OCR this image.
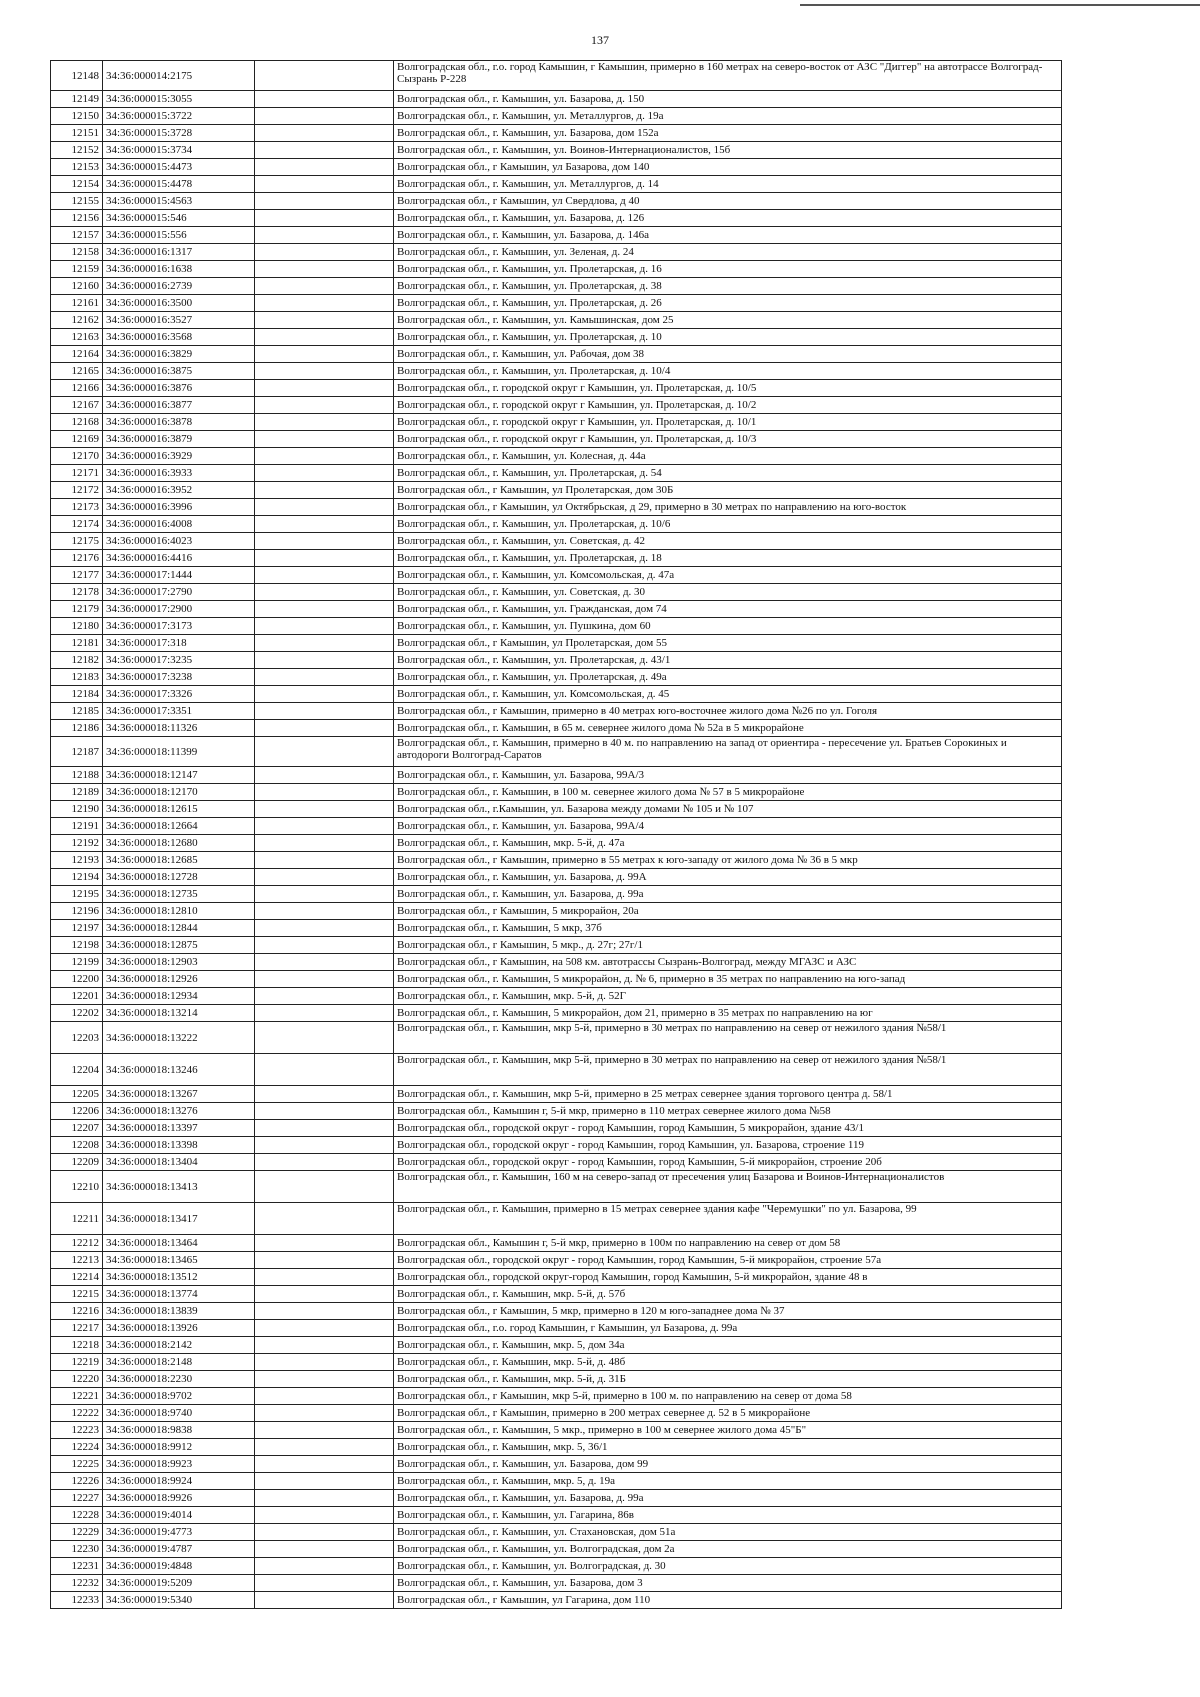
137
12148	34:36:000014:2175		Волгоградская обл., г.о. город Камышин, г Камышин, примерно в 160 метрах на северо-восток от АЗС "Диггер" на автотрассе Волгоград-Сызрань Р-228
12149	34:36:000015:3055		Волгоградская обл., г. Камышин, ул. Базарова, д. 150
12150	34:36:000015:3722		Волгоградская обл., г. Камышин, ул. Металлургов, д. 19а
12151	34:36:000015:3728		Волгоградская обл., г. Камышин, ул. Базарова, дом 152а
12152	34:36:000015:3734		Волгоградская обл., г. Камышин, ул. Воинов-Интернационалистов, 15б
12153	34:36:000015:4473		Волгоградская обл., г Камышин, ул Базарова, дом 140
12154	34:36:000015:4478		Волгоградская обл., г. Камышин, ул. Металлургов, д. 14
12155	34:36:000015:4563		Волгоградская обл., г Камышин, ул Свердлова, д 40
12156	34:36:000015:546		Волгоградская обл., г. Камышин, ул. Базарова, д. 126
12157	34:36:000015:556		Волгоградская обл., г. Камышин, ул. Базарова, д. 146а
12158	34:36:000016:1317		Волгоградская обл., г. Камышин, ул. Зеленая, д. 24
12159	34:36:000016:1638		Волгоградская обл., г. Камышин, ул. Пролетарская, д. 16
12160	34:36:000016:2739		Волгоградская обл., г. Камышин, ул. Пролетарская, д. 38
12161	34:36:000016:3500		Волгоградская обл., г. Камышин, ул. Пролетарская, д. 26
12162	34:36:000016:3527		Волгоградская обл., г. Камышин, ул. Камышинская, дом 25
12163	34:36:000016:3568		Волгоградская обл., г. Камышин, ул. Пролетарская, д. 10
12164	34:36:000016:3829		Волгоградская обл., г. Камышин, ул. Рабочая, дом 38
12165	34:36:000016:3875		Волгоградская обл., г. Камышин, ул. Пролетарская, д. 10/4
12166	34:36:000016:3876		Волгоградская обл., г. городской округ г Камышин, ул. Пролетарская, д. 10/5
12167	34:36:000016:3877		Волгоградская обл., г. городской округ г Камышин, ул. Пролетарская, д. 10/2
12168	34:36:000016:3878		Волгоградская обл., г. городской округ г Камышин, ул. Пролетарская, д. 10/1
12169	34:36:000016:3879		Волгоградская обл., г. городской округ г Камышин, ул. Пролетарская, д. 10/3
12170	34:36:000016:3929		Волгоградская обл., г. Камышин, ул. Колесная, д. 44а
12171	34:36:000016:3933		Волгоградская обл., г. Камышин, ул. Пролетарская, д. 54
12172	34:36:000016:3952		Волгоградская обл., г Камышин, ул Пролетарская, дом 30Б
12173	34:36:000016:3996		Волгоградская обл., г Камышин, ул Октябрьская, д 29, примерно в 30 метрах по направлению на юго-восток
12174	34:36:000016:4008		Волгоградская обл., г. Камышин, ул. Пролетарская, д. 10/6
12175	34:36:000016:4023		Волгоградская обл., г. Камышин, ул. Советская, д. 42
12176	34:36:000016:4416		Волгоградская обл., г. Камышин, ул. Пролетарская, д. 18
12177	34:36:000017:1444		Волгоградская обл., г. Камышин, ул. Комсомольская, д. 47а
12178	34:36:000017:2790		Волгоградская обл., г. Камышин, ул. Советская, д. 30
12179	34:36:000017:2900		Волгоградская обл., г. Камышин, ул. Гражданская, дом 74
12180	34:36:000017:3173		Волгоградская обл., г. Камышин, ул. Пушкина, дом 60
12181	34:36:000017:318		Волгоградская обл., г Камышин, ул Пролетарская, дом 55
12182	34:36:000017:3235		Волгоградская обл., г. Камышин, ул. Пролетарская, д. 43/1
12183	34:36:000017:3238		Волгоградская обл., г. Камышин, ул. Пролетарская, д. 49а
12184	34:36:000017:3326		Волгоградская обл., г. Камышин, ул. Комсомольская, д. 45
12185	34:36:000017:3351		Волгоградская обл., г Камышин, примерно в 40 метрах юго-восточнее жилого дома №26 по ул. Гоголя
12186	34:36:000018:11326		Волгоградская обл., г. Камышин, в 65 м. севернее жилого дома № 52а в 5 микрорайоне
12187	34:36:000018:11399		Волгоградская обл., г. Камышин, примерно в 40 м. по направлению на запад от ориентира - пересечение ул. Братьев Сорокиных и автодороги Волгоград-Саратов
12188	34:36:000018:12147		Волгоградская обл., г. Камышин, ул. Базарова, 99А/3
12189	34:36:000018:12170		Волгоградская обл., г. Камышин, в 100 м. севернее жилого дома № 57 в 5 микрорайоне
12190	34:36:000018:12615		Волгоградская обл., г.Камышин, ул. Базарова между домами № 105 и № 107
12191	34:36:000018:12664		Волгоградская обл., г. Камышин, ул. Базарова, 99А/4
12192	34:36:000018:12680		Волгоградская обл., г. Камышин, мкр. 5-й, д. 47а
12193	34:36:000018:12685		Волгоградская обл., г Камышин, примерно в 55 метрах к юго-западу от жилого дома № 36 в 5 мкр
12194	34:36:000018:12728		Волгоградская обл., г. Камышин, ул. Базарова, д. 99А
12195	34:36:000018:12735		Волгоградская обл., г. Камышин, ул. Базарова, д. 99а
12196	34:36:000018:12810		Волгоградская обл., г Камышин, 5 микрорайон, 20а
12197	34:36:000018:12844		Волгоградская обл., г. Камышин, 5 мкр, 37б
12198	34:36:000018:12875		Волгоградская обл., г Камышин, 5 мкр., д. 27г; 27г/1
12199	34:36:000018:12903		Волгоградская обл., г Камышин, на 508 км. автотрассы Сызрань-Волгоград, между МГАЗС и АЗС
12200	34:36:000018:12926		Волгоградская обл., г. Камышин, 5 микрорайон, д. № 6, примерно в 35 метрах по направлению на юго-запад
12201	34:36:000018:12934		Волгоградская обл., г. Камышин, мкр. 5-й, д. 52Г
12202	34:36:000018:13214		Волгоградская обл., г. Камышин, 5 микрорайон, дом 21, примерно в 35 метрах по направлению на юг
12203	34:36:000018:13222		Волгоградская обл., г. Камышин, мкр 5-й, примерно в 30 метрах по направлению на север от нежилого здания №58/1
12204	34:36:000018:13246		Волгоградская обл., г. Камышин, мкр 5-й, примерно в 30 метрах по направлению на север от нежилого здания №58/1
12205	34:36:000018:13267		Волгоградская обл., г. Камышин, мкр 5-й, примерно в 25 метрах севернее здания торгового центра д. 58/1
12206	34:36:000018:13276		Волгоградская обл., Камышин г, 5-й мкр, примерно в 110 метрах севернее жилого дома №58
12207	34:36:000018:13397		Волгоградская обл., городской округ - город Камышин, город Камышин, 5 микрорайон, здание 43/1
12208	34:36:000018:13398		Волгоградская обл., городской округ - город Камышин, город Камышин, ул. Базарова, строение 119
12209	34:36:000018:13404		Волгоградская обл., городской округ - город Камышин, город Камышин, 5-й микрорайон, строение 20б
12210	34:36:000018:13413		Волгоградская обл., г. Камышин, 160 м на северо-запад от пресечения улиц Базарова и Воинов-Интернационалистов
12211	34:36:000018:13417		Волгоградская обл., г. Камышин, примерно в 15 метрах севернее здания кафе "Черемушки" по ул. Базарова, 99
12212	34:36:000018:13464		Волгоградская обл., Камышин г, 5-й мкр, примерно в 100м по направлению на север от дом 58
12213	34:36:000018:13465		Волгоградская обл., городской округ - город Камышин, город Камышин, 5-й микрорайон, строение 57а
12214	34:36:000018:13512		Волгоградская обл., городской округ-город Камышин, город Камышин, 5-й микрорайон, здание 48 в
12215	34:36:000018:13774		Волгоградская обл., г. Камышин, мкр. 5-й, д. 57б
12216	34:36:000018:13839		Волгоградская обл., г Камышин, 5 мкр, примерно в 120 м юго-западнее дома № 37
12217	34:36:000018:13926		Волгоградская обл., г.о. город Камышин, г Камышин, ул Базарова, д. 99а
12218	34:36:000018:2142		Волгоградская обл., г. Камышин, мкр. 5, дом 34а
12219	34:36:000018:2148		Волгоградская обл., г. Камышин, мкр. 5-й, д. 48б
12220	34:36:000018:2230		Волгоградская обл., г. Камышин, мкр. 5-й, д. 31Б
12221	34:36:000018:9702		Волгоградская обл., г Камышин, мкр 5-й, примерно в 100 м. по направлению на север от дома 58
12222	34:36:000018:9740		Волгоградская обл., г Камышин, примерно в 200 метрах севернее д. 52 в 5 микрорайоне
12223	34:36:000018:9838		Волгоградская обл., г. Камышин, 5 мкр., примерно в 100 м севернее жилого дома 45"Б"
12224	34:36:000018:9912		Волгоградская обл., г. Камышин, мкр. 5, 36/1
12225	34:36:000018:9923		Волгоградская обл., г. Камышин, ул. Базарова, дом 99
12226	34:36:000018:9924		Волгоградская обл., г. Камышин, мкр. 5, д. 19а
12227	34:36:000018:9926		Волгоградская обл., г. Камышин, ул. Базарова, д. 99а
12228	34:36:000019:4014		Волгоградская обл., г. Камышин, ул. Гагарина, 86в
12229	34:36:000019:4773		Волгоградская обл., г. Камышин, ул. Стахановская, дом 51а
12230	34:36:000019:4787		Волгоградская обл., г. Камышин, ул. Волгоградская, дом 2а
12231	34:36:000019:4848		Волгоградская обл., г. Камышин, ул. Волгоградская, д. 30
12232	34:36:000019:5209		Волгоградская обл., г. Камышин, ул. Базарова, дом 3
12233	34:36:000019:5340		Волгоградская обл., г Камышин, ул Гагарина, дом 110
